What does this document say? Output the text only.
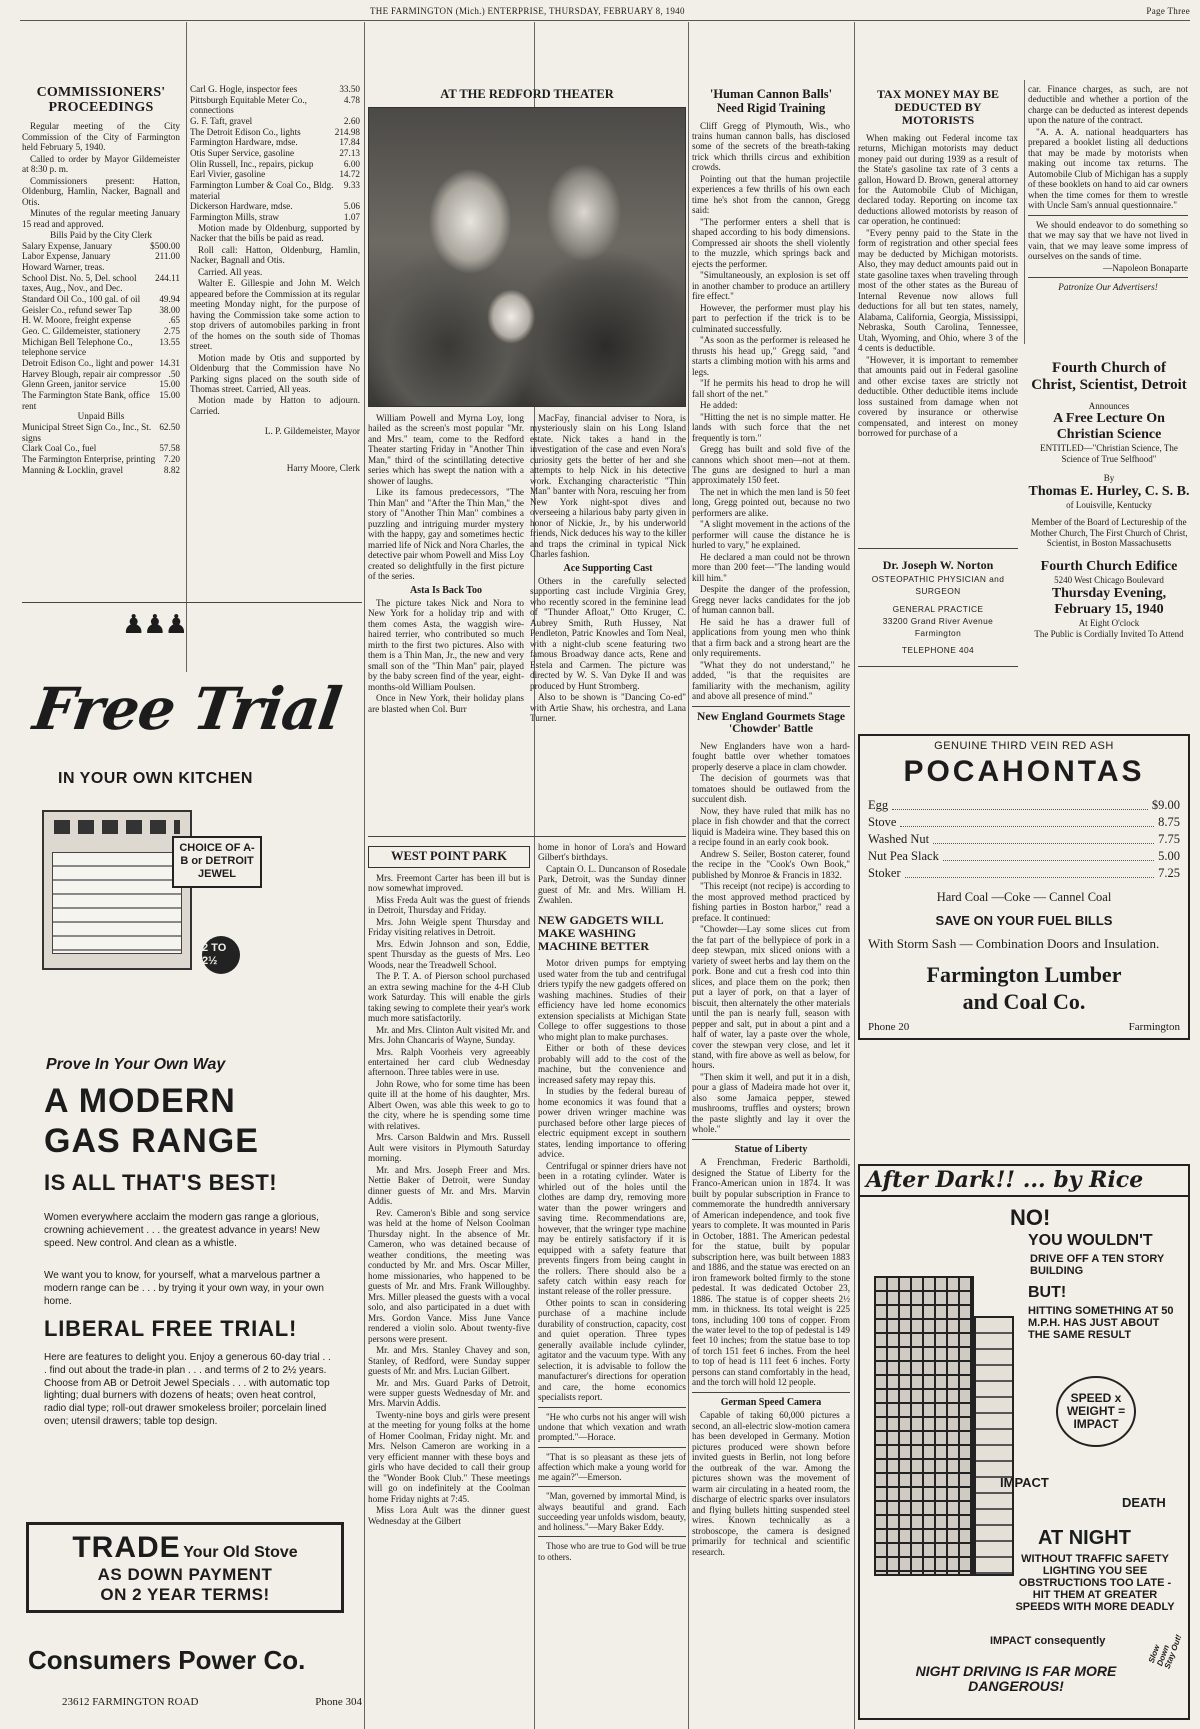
THE FARMINGTON (Mich.) ENTERPRISE, THURSDAY, FEBRUARY 8, 1940	Page Three
COMMISSIONERS' PROCEEDINGS

Regular meeting of the City Commission of the City of Farmington held February 5, 1940.

Called to order by Mayor Gildemeister at 8:30 p. m.

Commissioners present: Hatton, Oldenburg, Hamlin, Nacker, Bagnall and Otis.

Minutes of the regular meeting January 15 read and approved.

Bills Paid by the City Clerk
Salary Expense, January	$500.00
Labor Expense, January	211.00
Howard Warner, treas.
School Dist. No. 5, Del. school taxes, Aug., Nov., and Dec.
244.11
Standard Oil Co., 100 gal. of oil	49.94
Geisler Co., refund sewer Tap	38.00
H. W. Moore, freight expense	.65
Geo. C. Gildemeister, stationery	2.75
Michigan Bell Telephone Co., telephone service
13.55
Detroit Edison Co., light and power 14.31
Harvey Blough, repair air compressor .50
Glenn Green, janitor service	15.00
The Farmington State Bank, office rent
15.00
Unpaid Bills
Municipal Street Sign Co., Inc., St. signs
62.50
Clark Coal Co., fuel	57.58
The Farmington Enterprise, printing 7.20
Manning & Locklin, gravel	8.82
Carl G. Hogle, inspector fees	33.50
Pittsburgh Equitable Meter Co., connections
4.78
G. F. Taft, gravel	2.60
The Detroit Edison Co., lights	214.98
Farmington Hardware, mdse.	17.84
Otis Super Service, gasoline	27.13
Olin Russell, Inc., repairs, pickup	6.00
Earl Vivier, gasoline	14.72
Farmington Lumber & Coal Co., Bldg. material
9.33
Dickerson Hardware, mdse.	5.06
Farmington Mills, straw	1.07

Motion made by Oldenburg, supported by Nacker that the bills be paid as read.

Roll call: Hatton, Oldenburg, Hamlin, Nacker, Bagnall and Otis.

Carried. All yeas.

Walter E. Gillespie and John M. Welch appeared before the Commission at its regular meeting Monday night, for the purpose of having the Commission take some action to stop drivers of automobiles parking in front of the homes on the south side of Thomas street.

Motion made by Otis and supported by Oldenburg that the Commission have No Parking signs placed on the south side of Thomas street. Carried, All yeas.

Motion made by Hatton to adjourn. Carried.

L. P. Gildemeister, Mayor
Harry Moore, Clerk
♟♟♟
Free Trial
IN YOUR OWN KITCHEN
CHOICE OF A-B or DETROIT JEWEL
2 TO 2½
Prove In Your Own Way
A MODERN
GAS RANGE
IS ALL THAT'S BEST!
Women everywhere acclaim the modern gas range a glorious, crowning achievement . . . the greatest advance in years! New speed. New control. And clean as a whistle.
We want you to know, for yourself, what a marvelous partner a modern range can be . . . by trying it your own way, in your own home.
LIBERAL FREE TRIAL!
Here are features to delight you. Enjoy a generous 60-day trial . . . find out about the trade-in plan . . . and terms of 2 to 2½ years. Choose from AB or Detroit Jewel Specials . . . with automatic top lighting; dual burners with dozens of heats; oven heat control, radio dial type; roll-out drawer smokeless broiler; porcelain lined oven; utensil drawers; table top design.
TRADE Your Old Stove
AS DOWN PAYMENT
ON 2 YEAR TERMS!
Consumers Power Co.
23612 FARMINGTON ROAD	Phone 304
AT THE REDFORD THEATER

William Powell and Myrna Loy, long hailed as the screen's most popular "Mr. and Mrs." team, come to the Redford Theater starting Friday in "Another Thin Man," third of the scintillating detective series which has swept the nation with a shower of laughs.

Like its famous predecessors, "The Thin Man" and "After the Thin Man," the story of "Another Thin Man" combines a puzzling and intriguing murder mystery with the happy, gay and sometimes hectic married life of Nick and Nora Charles, the detective pair whom Powell and Miss Loy created so delightfully in the first picture of the series.

Asta Is Back Too

The picture takes Nick and Nora to New York for a holiday trip and with them comes Asta, the waggish wire-haired terrier, who contributed so much mirth to the first two pictures. Also with them is a Thin Man, Jr., the new and very small son of the "Thin Man" pair, played by the baby screen find of the year, eight-months-old William Poulsen.

Once in New York, their holiday plans are blasted when Col. Burr

MacFay, financial adviser to Nora, is mysteriously slain on his Long Island estate. Nick takes a hand in the investigation of the case and even Nora's curiosity gets the better of her and she attempts to help Nick in his detective work. Exchanging characteristic "Thin Man" banter with Nora, rescuing her from New York night-spot dives and overseeing a hilarious baby party given in honor of Nickie, Jr., by his underworld friends, Nick deduces his way to the killer and traps the criminal in typical Nick Charles fashion.

Ace Supporting Cast

Others in the carefully selected supporting cast include Virginia Grey, who recently scored in the feminine lead of "Thunder Afloat," Otto Kruger, C. Aubrey Smith, Ruth Hussey, Nat Pendleton, Patric Knowles and Tom Neal, with a night-club scene featuring two famous Broadway dance acts, Rene and Estela and Carmen. The picture was directed by W. S. Van Dyke II and was produced by Hunt Stromberg.

Also to be shown is "Dancing Co-ed" with Artie Shaw, his orchestra, and Lana Turner.

WEST POINT PARK

Mrs. Freemont Carter has been ill but is now somewhat improved.

Miss Freda Ault was the guest of friends in Detroit, Thursday and Friday.

Mrs. John Weigle spent Thursday and Friday visiting relatives in Detroit.

Mrs. Edwin Johnson and son, Eddie, spent Thursday as the guests of Mrs. Leo Woods, near the Treadwell School.

The P. T. A. of Pierson school purchased an extra sewing machine for the 4-H Club work Saturday. This will enable the girls taking sewing to complete their year's work much more satisfactorily.

Mr. and Mrs. Clinton Ault visited Mr. and Mrs. John Chancaris of Wayne, Sunday.

Mrs. Ralph Voorheis very agreeably entertained her card club Wednesday afternoon. Three tables were in use.

John Rowe, who for some time has been quite ill at the home of his daughter, Mrs. Albert Owen, was able this week to go to the city, where he is spending some time with relatives.

Mrs. Carson Baldwin and Mrs. Russell Ault were visitors in Plymouth Saturday morning.

Mr. and Mrs. Joseph Freer and Mrs. Nettie Baker of Detroit, were Sunday dinner guests of Mr. and Mrs. Marvin Addis.

Rev. Cameron's Bible and song service was held at the home of Nelson Coolman Thursday night. In the absence of Mr. Cameron, who was detained because of weather conditions, the meeting was conducted by Mr. and Mrs. Oscar Miller, home missionaries, who happened to be guests of Mr. and Mrs. Frank Willoughby. Mrs. Miller pleased the guests with a vocal solo, and also participated in a duet with Mrs. Gordon Vance. Miss June Vance rendered a violin solo. About twenty-five persons were present.

Mr. and Mrs. Stanley Chavey and son, Stanley, of Redford, were Sunday supper guests of Mr. and Mrs. Lucian Gilbert.

Mr. and Mrs. Guard Parks of Detroit, were supper guests Wednesday of Mr. and Mrs. Marvin Addis.

Twenty-nine boys and girls were present at the meeting for young folks at the home of Homer Coolman, Friday night. Mr. and Mrs. Nelson Cameron are working in a very efficient manner with these boys and girls who have decided to call their group the "Wonder Book Club." These meetings will go on indefinitely at the Coolman home Friday nights at 7:45.

Miss Lora Ault was the dinner guest Wednesday at the Gilbert

home in honor of Lora's and Howard Gilbert's birthdays.

Captain O. L. Duncanson of Rosedale Park, Detroit, was the Sunday dinner guest of Mr. and Mrs. William H. Zwahlen.

NEW GADGETS WILL MAKE WASHING MACHINE BETTER

Motor driven pumps for emptying used water from the tub and centrifugal driers typify the new gadgets offered on washing machines. Studies of their efficiency have led home economics extension specialists at Michigan State College to offer suggestions to those who might plan to make purchases.

Either or both of these devices probably will add to the cost of the machine, but the convenience and increased safety may repay this.

In studies by the federal bureau of home economics it was found that a power driven wringer machine was purchased before other large pieces of electric equipment except in southern states, lending importance to offering advice.

Centrifugal or spinner driers have not been in a rotating cylinder. Water is whirled out of the holes until the clothes are damp dry, removing more water than the power wringers and saving time. Recommendations are, however, that the wringer type machine may be entirely satisfactory if it is equipped with a safety feature that prevents fingers from being caught in the rollers. There should also be a safety catch within easy reach for instant release of the roller pressure.

Other points to scan in considering purchase of a machine include durability of construction, capacity, cost and quiet operation. Three types generally available include cylinder, agitator and the vacuum type. With any selection, it is advisable to follow the manufacturer's directions for operation and care, the home economics specialists report.

"He who curbs not his anger will wish undone that which vexation and wrath prompted."—Horace.

"That is so pleasant as these jets of affection which make a young world for me again?"—Emerson.

"Man, governed by immortal Mind, is always beautiful and grand. Each succeeding year unfolds wisdom, beauty, and holiness."—Mary Baker Eddy.

Those who are true to God will be true to others.

'Human Cannon Balls'
Need Rigid Training

Cliff Gregg of Plymouth, Wis., who trains human cannon balls, has disclosed some of the secrets of the breath-taking trick which thrills circus and exhibition crowds.

Pointing out that the human projectile experiences a few thrills of his own each time he's shot from the cannon, Gregg said:

"The performer enters a shell that is shaped according to his body dimensions. Compressed air shoots the shell violently to the muzzle, which springs back and ejects the performer.

"Simultaneously, an explosion is set off in another chamber to produce an artillery fire effect."

However, the performer must play his part to perfection if the trick is to be culminated successfully.

"As soon as the performer is released he thrusts his head up," Gregg said, "and starts a climbing motion with his arms and legs.

"If he permits his head to drop he will fall short of the net."

He added:

"Hitting the net is no simple matter. He lands with such force that the net frequently is torn."

Gregg has built and sold five of the cannons which shoot men—not at them. The guns are designed to hurl a man approximately 150 feet.

The net in which the men land is 50 feet long, Gregg pointed out, because no two performers are alike.

"A slight movement in the actions of the performer will cause the distance he is hurled to vary," he explained.

He declared a man could not be thrown more than 200 feet—"The landing would kill him."

Despite the danger of the profession, Gregg never lacks candidates for the job of human cannon ball.

He said he has a drawer full of applications from young men who think that a firm back and a strong heart are the only requirements.

"What they do not understand," he added, "is that the requisites are familiarity with the mechanism, agility and above all presence of mind."

New England Gourmets Stage 'Chowder' Battle

New Englanders have won a hard-fought battle over whether tomatoes properly deserve a place in clam chowder.

The decision of gourmets was that tomatoes should be outlawed from the succulent dish.

Now, they have ruled that milk has no place in fish chowder and that the correct liquid is Madeira wine. They based this on a recipe found in an early cook book.

Andrew S. Seiler, Boston caterer, found the recipe in the "Cook's Own Book," published by Monroe & Francis in 1832.

"This receipt (not recipe) is according to the most approved method practiced by fishing parties in Boston harbor," read a preface. It continued:

"Chowder—Lay some slices cut from the fat part of the bellypiece of pork in a deep stewpan, mix sliced onions with a variety of sweet herbs and lay them on the pork. Bone and cut a fresh cod into thin slices, and place them on the pork; then put a layer of pork, on that a layer of biscuit, then alternately the other materials until the pan is nearly full, season with pepper and salt, put in about a pint and a half of water, lay a paste over the whole, cover the stewpan very close, and let it stand, with fire above as well as below, for hours.

"Then skim it well, and put it in a dish, pour a glass of Madeira made hot over it, also some Jamaica pepper, stewed mushrooms, truffles and oysters; brown the paste slightly and lay it over the whole."

Statue of Liberty

A Frenchman, Frederic Bartholdi, designed the Statue of Liberty for the Franco-American union in 1874. It was built by popular subscription in France to commemorate the hundredth anniversary of American independence, and took five years to complete. It was mounted in Paris in October, 1881. The American pedestal for the statue, built by popular subscription here, was built between 1883 and 1886, and the statue was erected on an iron framework bolted firmly to the stone pedestal. It was dedicated October 23, 1886. The statue is of copper sheets 2½ mm. in thickness. Its total weight is 225 tons, including 100 tons of copper. From the water level to the top of pedestal is 149 feet 10 inches; from the statue base to top of torch 151 feet 6 inches. From the heel to top of head is 111 feet 6 inches. Forty persons can stand comfortably in the head, and the torch will hold 12 people.

German Speed Camera

Capable of taking 60,000 pictures a second, an all-electric slow-motion camera has been developed in Germany. Motion pictures produced were shown before invited guests in Berlin, not long before the outbreak of the war. Among the pictures shown was the movement of warm air circulating in a heated room, the discharge of electric sparks over insulators and flying bullets hitting suspended steel wires. Known technically as a stroboscope, the camera is designed primarily for technical and scientific research.

TAX MONEY MAY BE DEDUCTED BY MOTORISTS

When making out Federal income tax returns, Michigan motorists may deduct money paid out during 1939 as a result of the State's gasoline tax rate of 3 cents a gallon, Howard D. Brown, general attorney for the Automobile Club of Michigan, declared today. Reporting on income tax deductions allowed motorists by reason of car operation, he continued:

"Every penny paid to the State in the form of registration and other special fees may be deducted by Michigan motorists. Also, they may deduct amounts paid out in state gasoline taxes when traveling through most of the other states as the Bureau of Internal Revenue now allows full deductions for all but ten states, namely, Alabama, California, Georgia, Mississippi, Nebraska, South Carolina, Tennessee, Utah, Wyoming, and Ohio, where 3 of the 4 cents is deductible.

"However, it is important to remember that amounts paid out in Federal gasoline and other excise taxes are strictly not deductible. Other deductible items include loss sustained from damage when not covered by insurance or otherwise compensated, and interest on money borrowed for purchase of a

car. Finance charges, as such, are not deductible and whether a portion of the charge can be deducted as interest depends upon the nature of the contract.

"A. A. A. national headquarters has prepared a booklet listing all deductions that may be made by motorists when making out income tax returns. The Automobile Club of Michigan has a supply of these booklets on hand to aid car owners when the time comes for them to wrestle with Uncle Sam's annual questionnaire."

We should endeavor to do something so that we may say that we have not lived in vain, that we may leave some impress of ourselves on the sands of time.

—Napoleon Bonaparte
Patronize Our Advertisers!
Dr. Joseph W. Norton
OSTEOPATHIC PHYSICIAN and SURGEON
GENERAL PRACTICE
33200 Grand River Avenue
Farmington
TELEPHONE 404
Fourth Church of Christ, Scientist, Detroit
Announces
A Free Lecture On Christian Science
ENTITLED—"Christian Science, The Science of True Selfhood"
By
Thomas E. Hurley, C. S. B.
of Louisville, Kentucky
Member of the Board of Lectureship of the Mother Church, The First Church of Christ, Scientist, in Boston Massachusetts
Fourth Church Edifice
5240 West Chicago Boulevard
Thursday Evening,
February 15, 1940
At Eight O'clock
The Public is Cordially Invited To Attend
GENUINE THIRD VEIN RED ASH
POCAHONTAS
Egg	$9.00
Stove	8.75
Washed Nut	7.75
Nut Pea Slack	5.00
Stoker	7.25
Hard Coal —Coke — Cannel Coal
SAVE ON YOUR FUEL BILLS
With Storm Sash — Combination Doors and Insulation.
Farmington Lumber
and Coal Co.
Phone 20	Farmington
After Dark!! ... by Rice
NO!
YOU WOULDN'T
DRIVE OFF A TEN STORY BUILDING
BUT!
HITTING SOMETHING AT 50 M.P.H. HAS JUST ABOUT THE SAME RESULT
SPEED x WEIGHT = IMPACT
IMPACT
DEATH
AT NIGHT
WITHOUT TRAFFIC SAFETY LIGHTING YOU SEE OBSTRUCTIONS TOO LATE - HIT THEM AT GREATER SPEEDS WITH MORE DEADLY
IMPACT consequently
NIGHT DRIVING IS FAR MORE DANGEROUS!
Slow Down Stay Out!
